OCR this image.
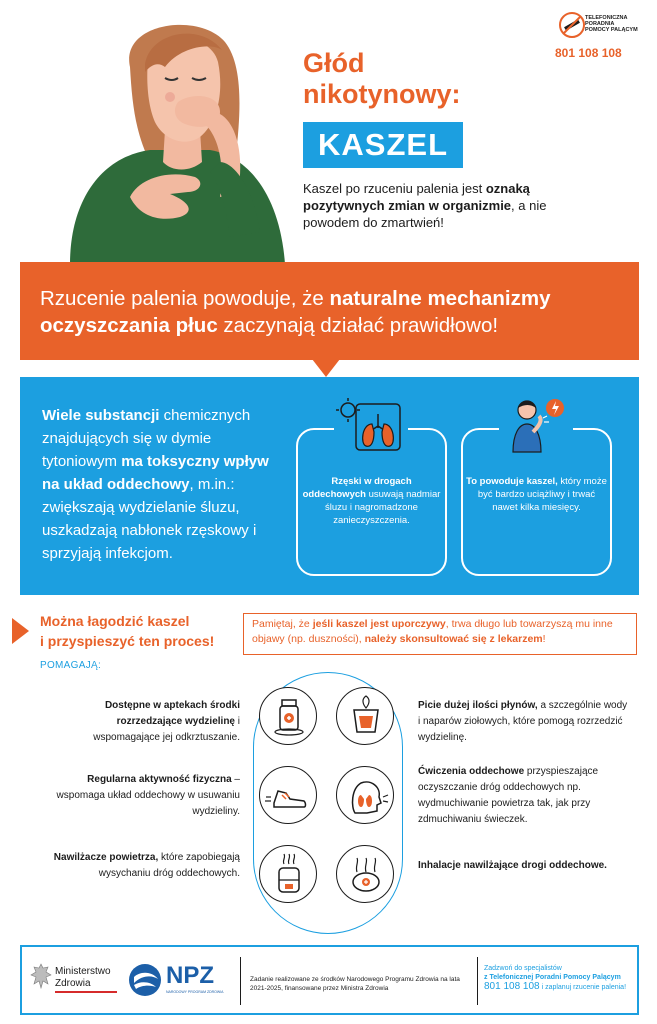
Głód
nikotynowy:
KASZEL
Kaszel po rzuceniu palenia jest oznaką pozytywnych zmian w organizmie, a nie powodem do zmartwień!
TELEFONICZNA
PORADNIA
POMOCY PALĄCYM
801 108 108
Rzucenie palenia powoduje, że naturalne mechanizmy oczyszczania płuc zaczynają działać prawidłowo!
Wiele substancji chemicznych znajdujących się w dymie tytoniowym ma toksyczny wpływ na układ oddechowy, m.in.: zwiększają wydzielanie śluzu, uszkadzają nabłonek rzęskowy i sprzyjają infekcjom.
Rzęski w drogach oddechowych usuwają nadmiar śluzu i nagromadzone zanieczyszczenia.
To powoduje kaszel, który może być bardzo uciążliwy i trwać nawet kilka miesięcy.
Można łagodzić kaszel
i przyspieszyć ten proces!
Pamiętaj, że jeśli kaszel jest uporczywy, trwa długo lub towarzyszą mu inne objawy (np. duszności), należy skonsultować się z lekarzem!
POMAGAJĄ:
Dostępne w aptekach środki rozrzedzające wydzielinę i wspomagające jej odkrztuszanie.
Regularna aktywność fizyczna – wspomaga układ oddechowy w usuwaniu wydzieliny.
Nawilżacze powietrza, które zapobiegają wysychaniu dróg oddechowych.
Picie dużej ilości płynów, a szczególnie wody i naparów ziołowych, które pomogą rozrzedzić wydzielinę.
Ćwiczenia oddechowe przyspieszające oczyszczanie dróg oddechowych np. wydmuchiwanie powietrza tak, jak przy zdmuchiwaniu świeczek.
Inhalacje nawilżające drogi oddechowe.
Ministerstwo
Zdrowia	NPZ
NARODOWY PROGRAM ZDROWIA
Zadanie realizowane ze środków Narodowego Programu Zdrowia na lata 2021-2025, finansowane przez Ministra Zdrowia
Zadzwoń do specjalistów
z Telefonicznej Poradni Pomocy Palącym
801 108 108 i zaplanuj rzucenie palenia!
